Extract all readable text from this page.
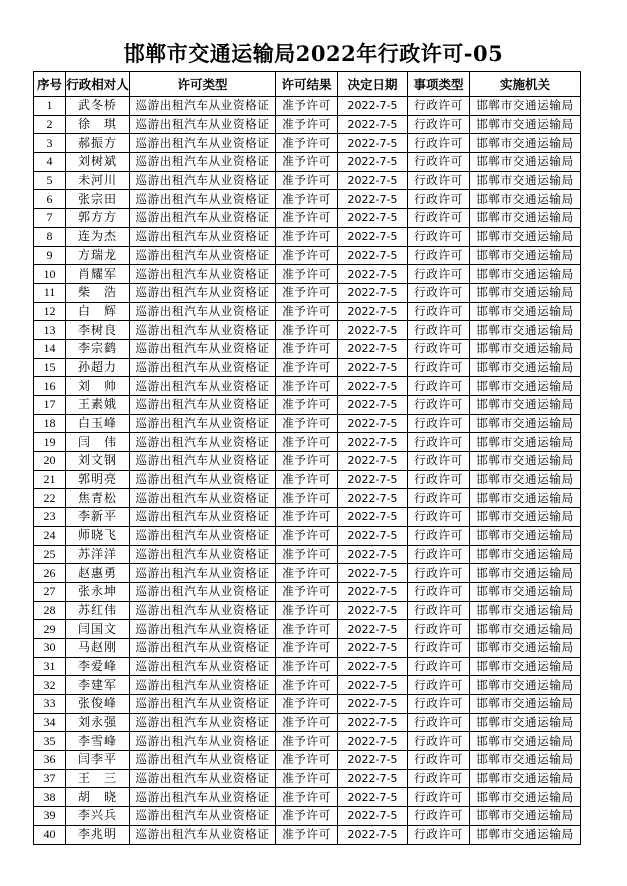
邯郸市交通运输局2022年行政许可-05
序号	行政相对人	许可类型	许可结果	决定日期	事项类型	实施机关
1	武冬桥	巡游出租汽车从业资格证	准予许可	2022-7-5	行政许可	邯郸市交通运输局
2	徐　琪	巡游出租汽车从业资格证	准予许可	2022-7-5	行政许可	邯郸市交通运输局
3	郝振方	巡游出租汽车从业资格证	准予许可	2022-7-5	行政许可	邯郸市交通运输局
4	刘树斌	巡游出租汽车从业资格证	准予许可	2022-7-5	行政许可	邯郸市交通运输局
5	未河川	巡游出租汽车从业资格证	准予许可	2022-7-5	行政许可	邯郸市交通运输局
6	张宗田	巡游出租汽车从业资格证	准予许可	2022-7-5	行政许可	邯郸市交通运输局
7	郭方方	巡游出租汽车从业资格证	准予许可	2022-7-5	行政许可	邯郸市交通运输局
8	连为杰	巡游出租汽车从业资格证	准予许可	2022-7-5	行政许可	邯郸市交通运输局
9	方瑞龙	巡游出租汽车从业资格证	准予许可	2022-7-5	行政许可	邯郸市交通运输局
10	肖耀军	巡游出租汽车从业资格证	准予许可	2022-7-5	行政许可	邯郸市交通运输局
11	柴　浩	巡游出租汽车从业资格证	准予许可	2022-7-5	行政许可	邯郸市交通运输局
12	白　辉	巡游出租汽车从业资格证	准予许可	2022-7-5	行政许可	邯郸市交通运输局
13	李树良	巡游出租汽车从业资格证	准予许可	2022-7-5	行政许可	邯郸市交通运输局
14	李宗鹤	巡游出租汽车从业资格证	准予许可	2022-7-5	行政许可	邯郸市交通运输局
15	孙超力	巡游出租汽车从业资格证	准予许可	2022-7-5	行政许可	邯郸市交通运输局
16	刘　帅	巡游出租汽车从业资格证	准予许可	2022-7-5	行政许可	邯郸市交通运输局
17	王素娥	巡游出租汽车从业资格证	准予许可	2022-7-5	行政许可	邯郸市交通运输局
18	白玉峰	巡游出租汽车从业资格证	准予许可	2022-7-5	行政许可	邯郸市交通运输局
19	闫　伟	巡游出租汽车从业资格证	准予许可	2022-7-5	行政许可	邯郸市交通运输局
20	刘文钢	巡游出租汽车从业资格证	准予许可	2022-7-5	行政许可	邯郸市交通运输局
21	郭明亮	巡游出租汽车从业资格证	准予许可	2022-7-5	行政许可	邯郸市交通运输局
22	焦青松	巡游出租汽车从业资格证	准予许可	2022-7-5	行政许可	邯郸市交通运输局
23	李新平	巡游出租汽车从业资格证	准予许可	2022-7-5	行政许可	邯郸市交通运输局
24	师晓飞	巡游出租汽车从业资格证	准予许可	2022-7-5	行政许可	邯郸市交通运输局
25	苏洋洋	巡游出租汽车从业资格证	准予许可	2022-7-5	行政许可	邯郸市交通运输局
26	赵惠勇	巡游出租汽车从业资格证	准予许可	2022-7-5	行政许可	邯郸市交通运输局
27	张永坤	巡游出租汽车从业资格证	准予许可	2022-7-5	行政许可	邯郸市交通运输局
28	苏红伟	巡游出租汽车从业资格证	准予许可	2022-7-5	行政许可	邯郸市交通运输局
29	闫国文	巡游出租汽车从业资格证	准予许可	2022-7-5	行政许可	邯郸市交通运输局
30	马赵刚	巡游出租汽车从业资格证	准予许可	2022-7-5	行政许可	邯郸市交通运输局
31	李爱峰	巡游出租汽车从业资格证	准予许可	2022-7-5	行政许可	邯郸市交通运输局
32	李建军	巡游出租汽车从业资格证	准予许可	2022-7-5	行政许可	邯郸市交通运输局
33	张俊峰	巡游出租汽车从业资格证	准予许可	2022-7-5	行政许可	邯郸市交通运输局
34	刘永强	巡游出租汽车从业资格证	准予许可	2022-7-5	行政许可	邯郸市交通运输局
35	李雪峰	巡游出租汽车从业资格证	准予许可	2022-7-5	行政许可	邯郸市交通运输局
36	闫李平	巡游出租汽车从业资格证	准予许可	2022-7-5	行政许可	邯郸市交通运输局
37	王　三	巡游出租汽车从业资格证	准予许可	2022-7-5	行政许可	邯郸市交通运输局
38	胡　晓	巡游出租汽车从业资格证	准予许可	2022-7-5	行政许可	邯郸市交通运输局
39	李兴兵	巡游出租汽车从业资格证	准予许可	2022-7-5	行政许可	邯郸市交通运输局
40	李兆明	巡游出租汽车从业资格证	准予许可	2022-7-5	行政许可	邯郸市交通运输局
